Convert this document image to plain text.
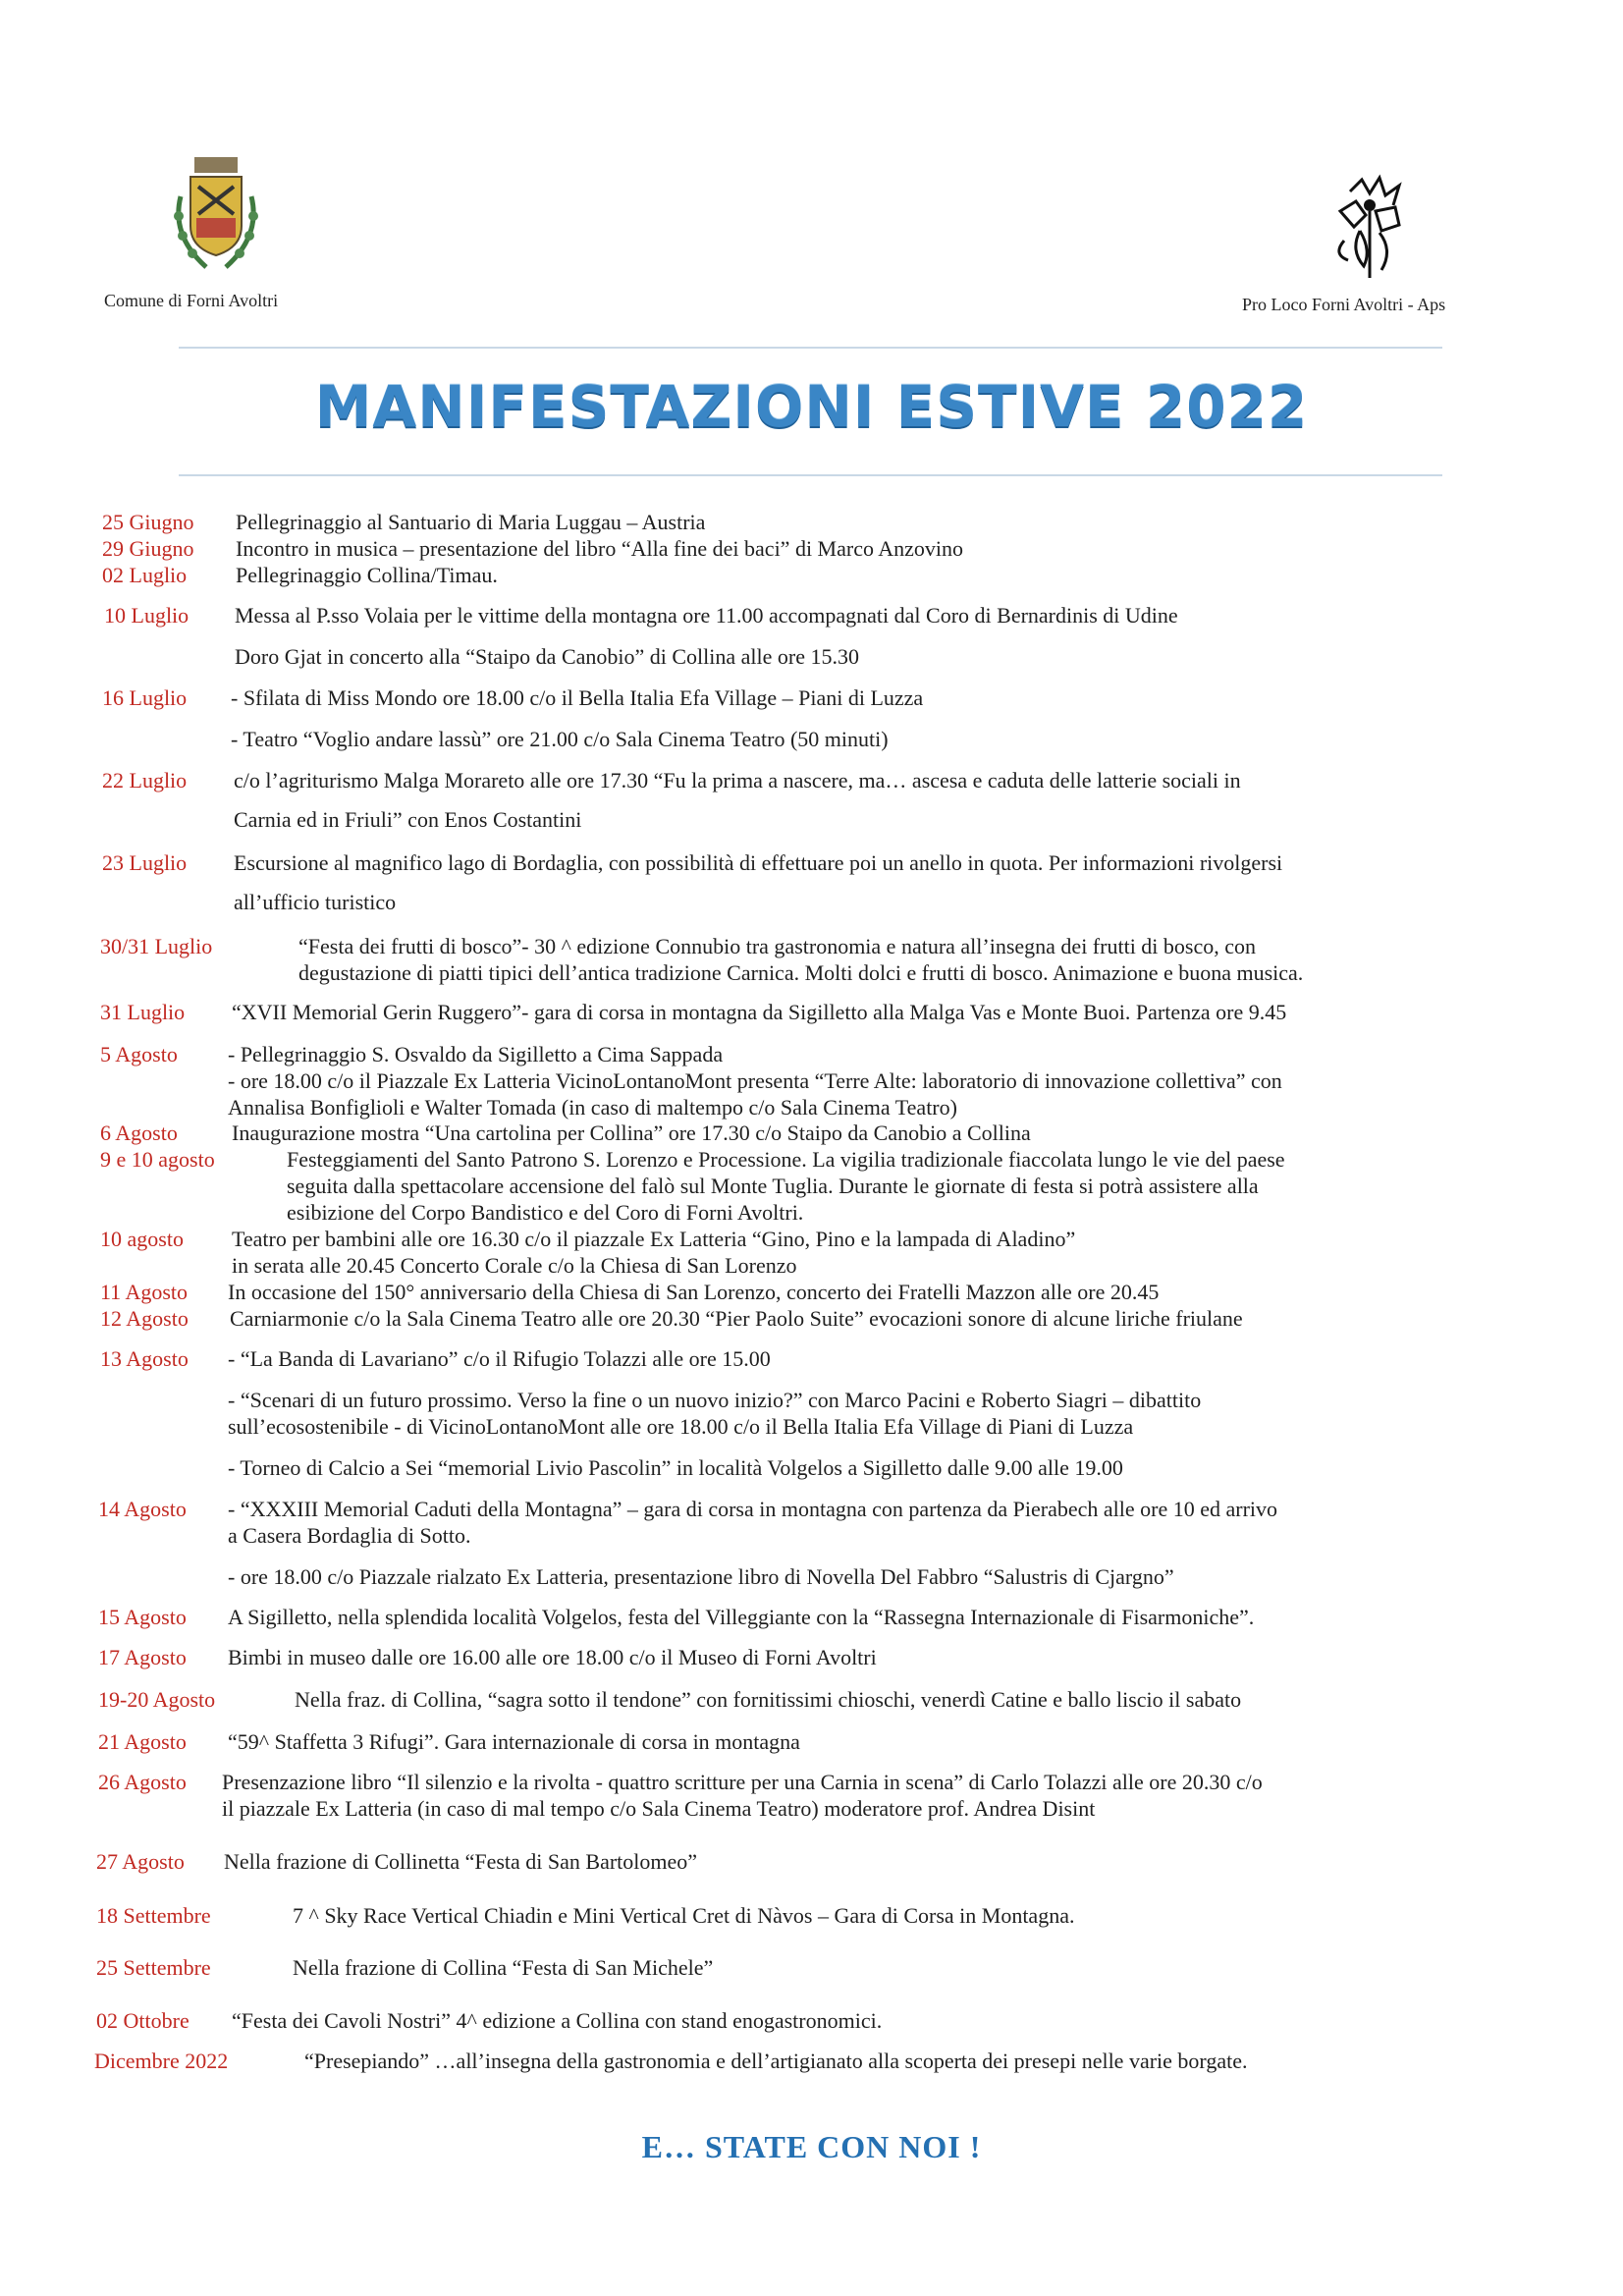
Comune di Forni Avoltri	Pro Loco Forni Avoltri - Aps
MANIFESTAZIONI ESTIVE 2022
25 Giugno Pellegrinaggio al Santuario di Maria Luggau – Austria
29 Giugno Incontro in musica – presentazione del libro “Alla fine dei baci” di Marco Anzovino
02 Luglio Pellegrinaggio Collina/Timau.
10 Luglio Messa al P.sso Volaia per le vittime della montagna ore 11.00 accompagnati dal Coro di Bernardinis di Udine
Doro Gjat in concerto alla “Staipo da Canobio” di Collina alle ore 15.30
16 Luglio - Sfilata di Miss Mondo ore 18.00 c/o il Bella Italia Efa Village – Piani di Luzza
- Teatro “Voglio andare lassù” ore 21.00 c/o Sala Cinema Teatro (50 minuti)
22 Luglio c/o l’agriturismo Malga Morareto alle ore 17.30 “Fu la prima a nascere, ma… ascesa e caduta delle latterie sociali in
Carnia ed in Friuli” con Enos Costantini
23 Luglio Escursione al magnifico lago di Bordaglia, con possibilità di effettuare poi un anello in quota. Per informazioni rivolgersi
all’ufficio turistico
30/31 Luglio	“Festa dei frutti di bosco”- 30 ^ edizione Connubio tra gastronomia e natura all’insegna dei frutti di bosco, con
degustazione di piatti tipici dell’antica tradizione Carnica. Molti dolci e frutti di bosco. Animazione e buona musica.
31 Luglio “XVII Memorial Gerin Ruggero”- gara di corsa in montagna da Sigilletto alla Malga Vas e Monte Buoi. Partenza ore 9.45
5 Agosto - Pellegrinaggio S. Osvaldo da Sigilletto a Cima Sappada
- ore 18.00 c/o il Piazzale Ex Latteria VicinoLontanoMont presenta “Terre Alte: laboratorio di innovazione collettiva” con
Annalisa Bonfiglioli e Walter Tomada (in caso di maltempo c/o Sala Cinema Teatro)
6 Agosto	Inaugurazione mostra “Una cartolina per Collina” ore 17.30 c/o Staipo da Canobio a Collina
9 e 10 agosto	Festeggiamenti del Santo Patrono S. Lorenzo e Processione. La vigilia tradizionale fiaccolata lungo le vie del paese
seguita dalla spettacolare accensione del falò sul Monte Tuglia. Durante le giornate di festa si potrà assistere alla
esibizione del Corpo Bandistico e del Coro di Forni Avoltri.
10 agosto Teatro per bambini alle ore 16.30 c/o il piazzale Ex Latteria “Gino, Pino e la lampada di Aladino”
in serata alle 20.45 Concerto Corale c/o la Chiesa di San Lorenzo
11 Agosto In occasione del 150° anniversario della Chiesa di San Lorenzo, concerto dei Fratelli Mazzon alle ore 20.45
12 Agosto Carniarmonie c/o la Sala Cinema Teatro alle ore 20.30 “Pier Paolo Suite” evocazioni sonore di alcune liriche friulane
13 Agosto - “La Banda di Lavariano” c/o il Rifugio Tolazzi alle ore 15.00
- “Scenari di un futuro prossimo. Verso la fine o un nuovo inizio?” con Marco Pacini e Roberto Siagri – dibattito
sull’ecosostenibile - di VicinoLontanoMont alle ore 18.00 c/o il Bella Italia Efa Village di Piani di Luzza
- Torneo di Calcio a Sei “memorial Livio Pascolin” in località Volgelos a Sigilletto dalle 9.00 alle 19.00
14 Agosto - “XXXIII Memorial Caduti della Montagna” – gara di corsa in montagna con partenza da Pierabech alle ore 10 ed arrivo
a Casera Bordaglia di Sotto.
- ore 18.00 c/o Piazzale rialzato Ex Latteria, presentazione libro di Novella Del Fabbro “Salustris di Cjargno”
15 Agosto A Sigilletto, nella splendida località Volgelos, festa del Villeggiante con la “Rassegna Internazionale di Fisarmoniche”.
17 Agosto Bimbi in museo dalle ore 16.00 alle ore 18.00 c/o il Museo di Forni Avoltri
19-20 Agosto	Nella fraz. di Collina, “sagra sotto il tendone” con fornitissimi chioschi, venerdì Catine e ballo liscio il sabato
21 Agosto “59^ Staffetta 3 Rifugi”. Gara internazionale di corsa in montagna
26 Agosto Presenzazione libro “Il silenzio e la rivolta - quattro scritture per una Carnia in scena” di Carlo Tolazzi alle ore 20.30 c/o
il piazzale Ex Latteria (in caso di mal tempo c/o Sala Cinema Teatro) moderatore prof. Andrea Disint
27 Agosto Nella frazione di Collinetta “Festa di San Bartolomeo”
18 Settembre	7 ^ Sky Race Vertical Chiadin e Mini Vertical Cret di Nàvos – Gara di Corsa in Montagna.
25 Settembre	Nella frazione di Collina “Festa di San Michele”
02 Ottobre “Festa dei Cavoli Nostri” 4^ edizione a Collina con stand enogastronomici.
Dicembre 2022	“Presepiando” …all’insegna della gastronomia e dell’artigianato alla scoperta dei presepi nelle varie borgate.
E… STATE CON NOI !
